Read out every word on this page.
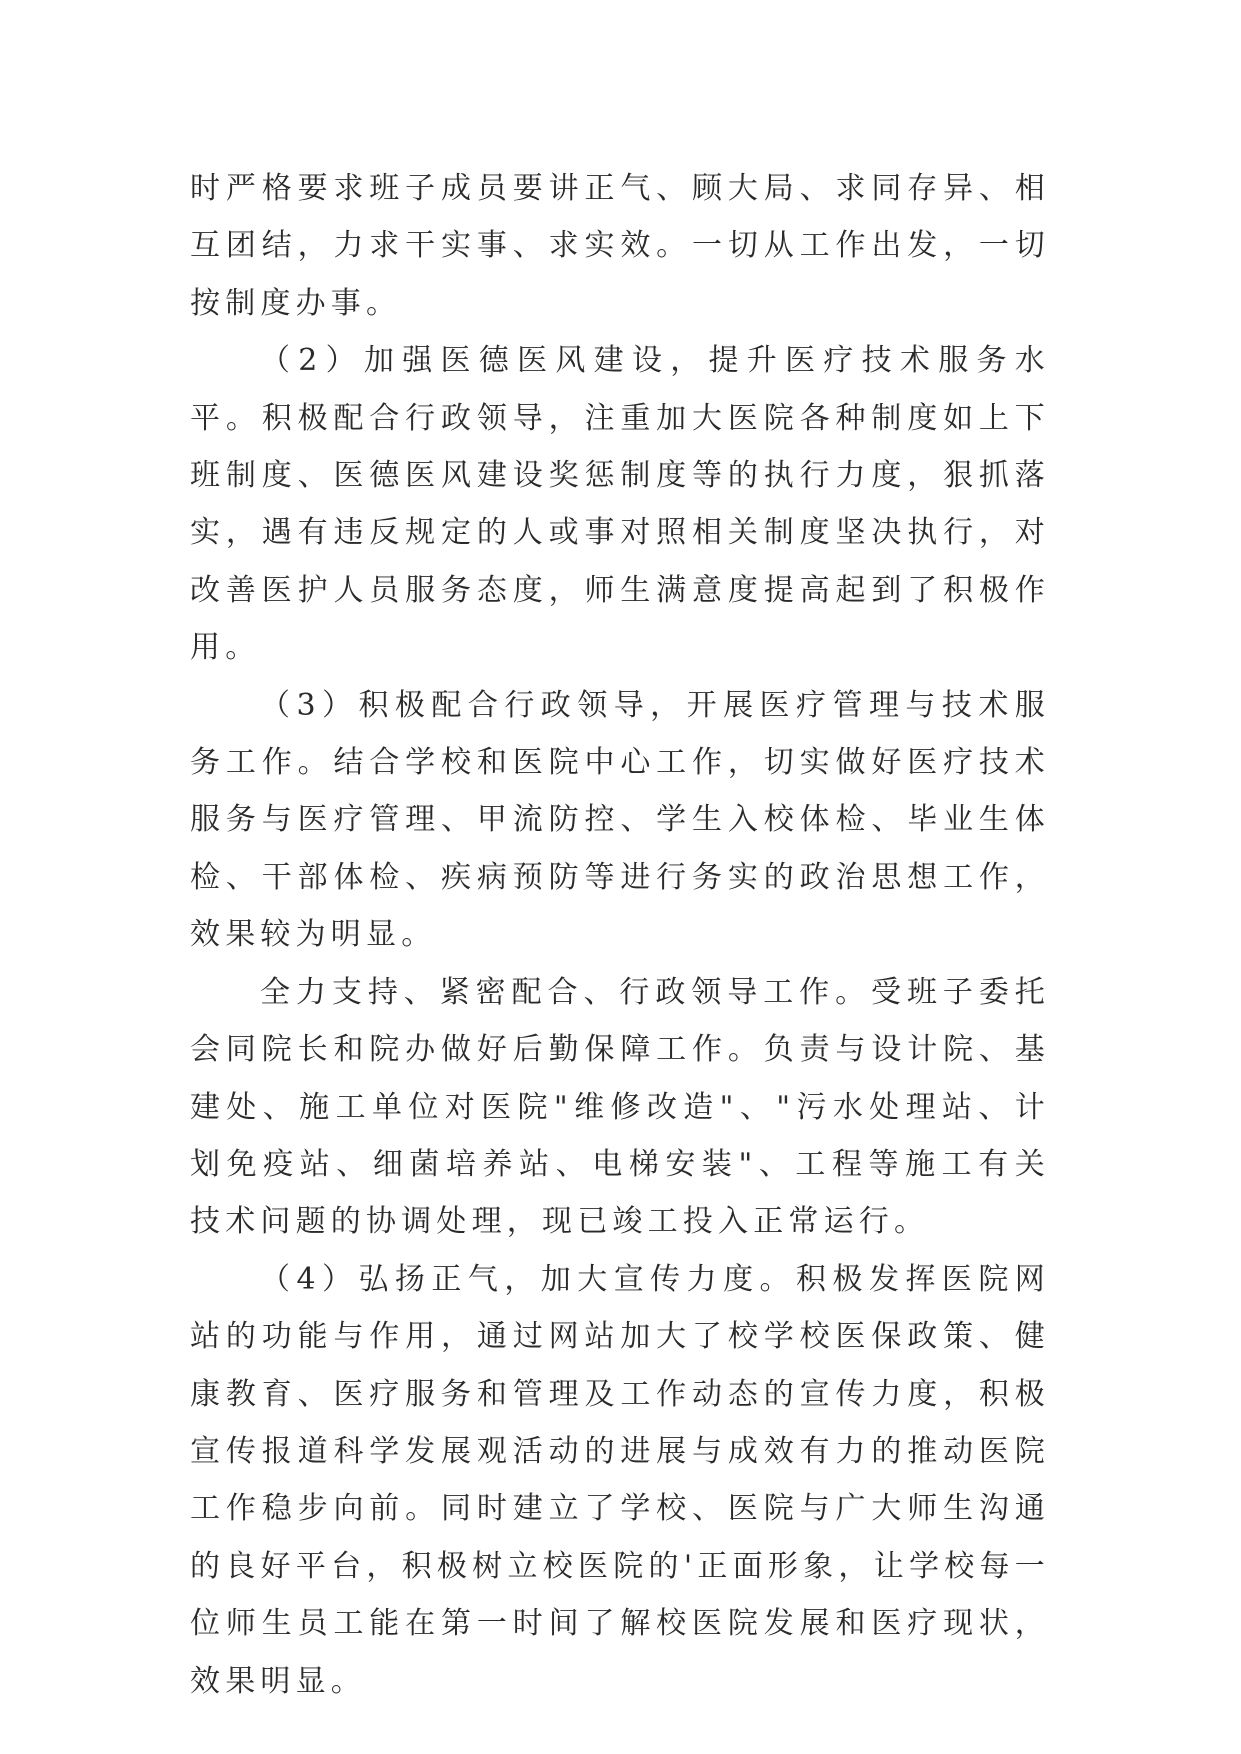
时严格要求班子成员要讲正气、顾大局、求同存异、相互团结，力求干实事、求实效。一切从工作出发，一切按制度办事。

（2）加强医德医风建设，提升医疗技术服务水平。积极配合行政领导，注重加大医院各种制度如上下班制度、医德医风建设奖惩制度等的执行力度，狠抓落实，遇有违反规定的人或事对照相关制度坚决执行，对改善医护人员服务态度，师生满意度提高起到了积极作用。

（3）积极配合行政领导，开展医疗管理与技术服务工作。结合学校和医院中心工作，切实做好医疗技术服务与医疗管理、甲流防控、学生入校体检、毕业生体检、干部体检、疾病预防等进行务实的政治思想工作，效果较为明显。

全力支持、紧密配合、行政领导工作。受班子委托会同院长和院办做好后勤保障工作。负责与设计院、基建处、施工单位对医院"维修改造"、"污水处理站、计划免疫站、细菌培养站、电梯安装"、工程等施工有关技术问题的协调处理，现已竣工投入正常运行。

（4）弘扬正气，加大宣传力度。积极发挥医院网站的功能与作用，通过网站加大了校学校医保政策、健康教育、医疗服务和管理及工作动态的宣传力度，积极宣传报道科学发展观活动的进展与成效有力的推动医院工作稳步向前。同时建立了学校、医院与广大师生沟通的良好平台，积极树立校医院的'正面形象，让学校每一位师生员工能在第一时间了解校医院发展和医疗现状，效果明显。
